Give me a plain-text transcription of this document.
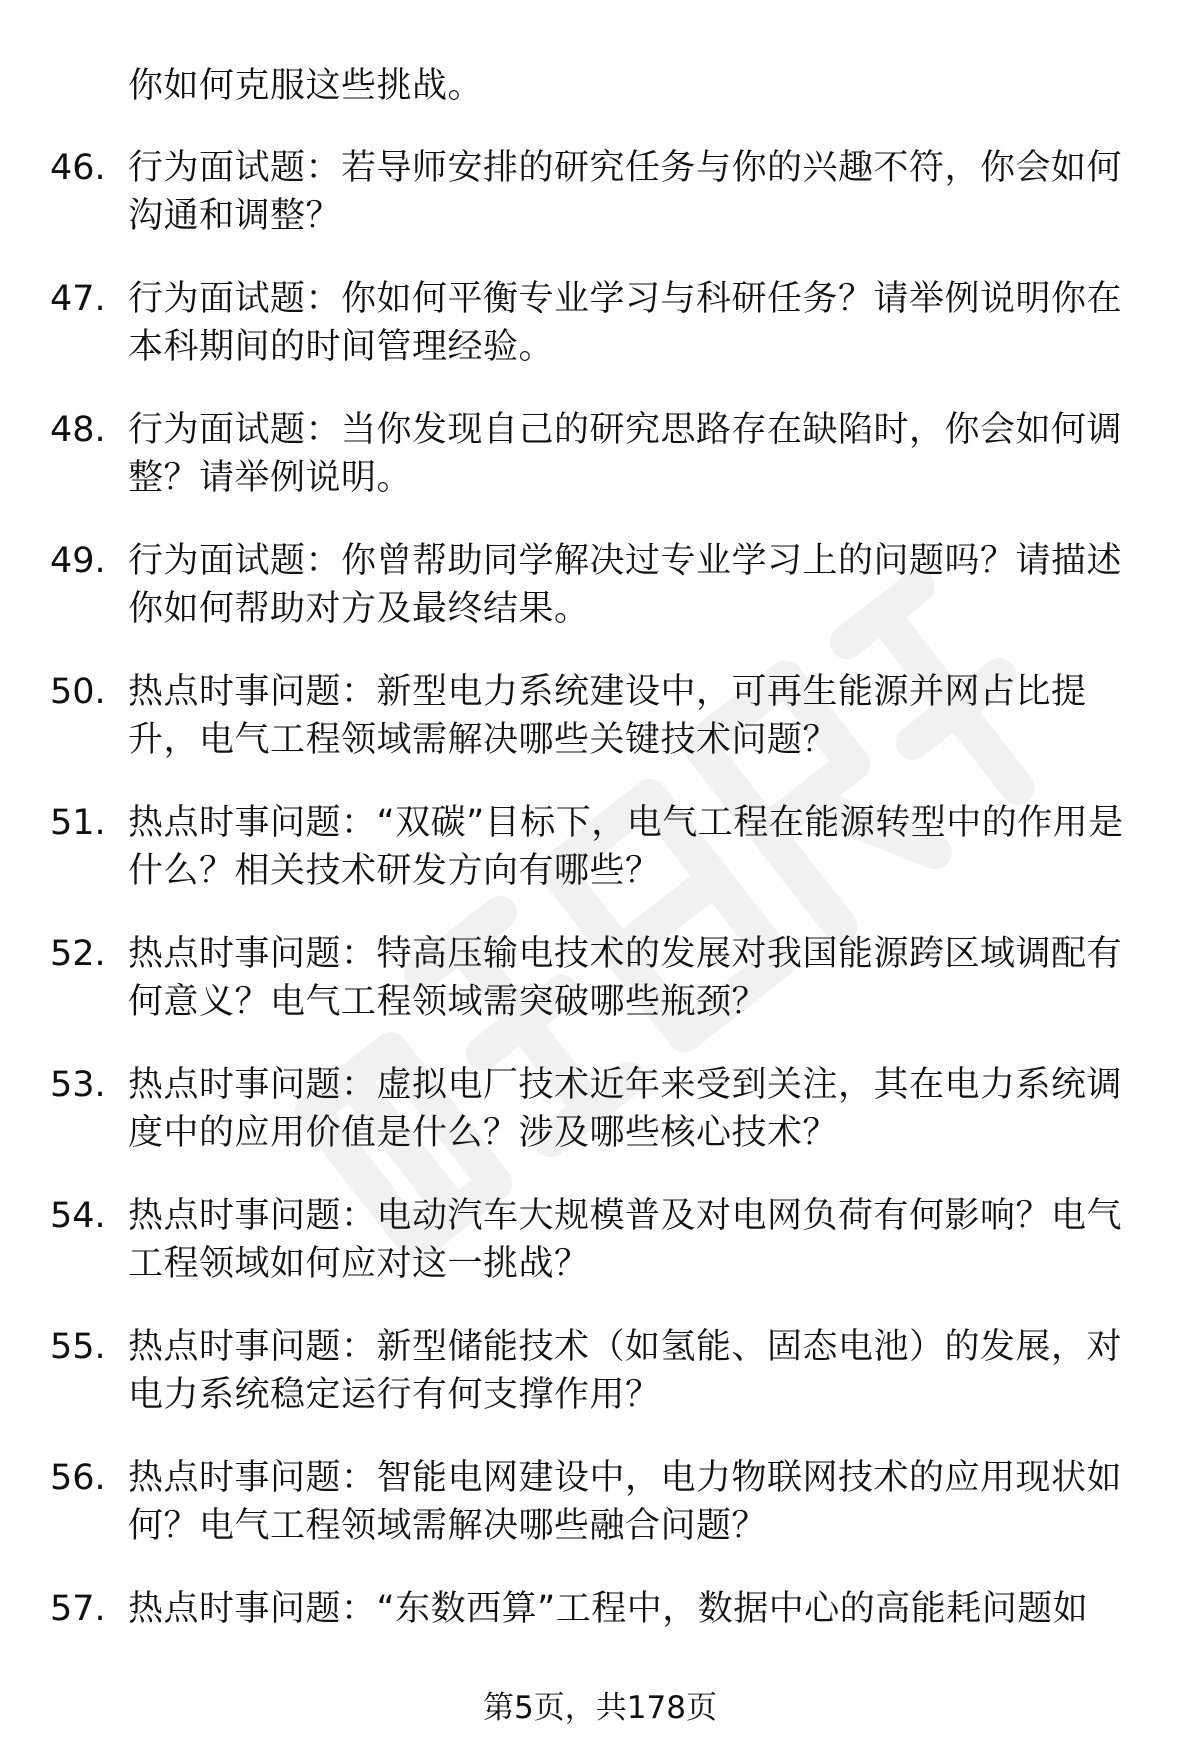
你如何克服这些挑战。
46. 行为面试题：若导师安排的研究任务与你的兴趣不符，你会如何沟通和调整？
47. 行为面试题：你如何平衡专业学习与科研任务？请举例说明你在本科期间的时间管理经验。
48. 行为面试题：当你发现自己的研究思路存在缺陷时，你会如何调整？请举例说明。
49. 行为面试题：你曾帮助同学解决过专业学习上的问题吗？请描述你如何帮助对方及最终结果。
50. 热点时事问题：新型电力系统建设中，可再生能源并网占比提升，电气工程领域需解决哪些关键技术问题？
51. 热点时事问题：“双碳”目标下，电气工程在能源转型中的作用是什么？相关技术研发方向有哪些？
52. 热点时事问题：特高压输电技术的发展对我国能源跨区域调配有何意义？电气工程领域需突破哪些瓶颈？
53. 热点时事问题：虚拟电厂技术近年来受到关注，其在电力系统调度中的应用价值是什么？涉及哪些核心技术？
54. 热点时事问题：电动汽车大规模普及对电网负荷有何影响？电气工程领域如何应对这一挑战？
55. 热点时事问题：新型储能技术（如氢能、固态电池）的发展，对电力系统稳定运行有何支撑作用？
56. 热点时事问题：智能电网建设中，电力物联网技术的应用现状如何？电气工程领域需解决哪些融合问题？
57. 热点时事问题：“东数西算”工程中，数据中心的高能耗问题如
第5页，共178页
